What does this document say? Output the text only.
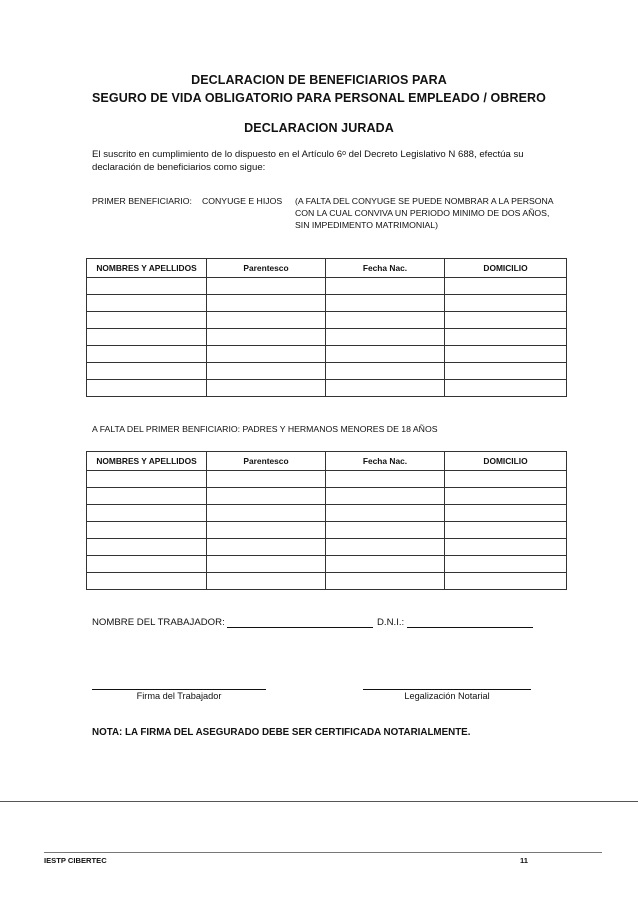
DECLARACION DE BENEFICIARIOS PARA
SEGURO DE VIDA OBLIGATORIO PARA PERSONAL EMPLEADO / OBRERO
DECLARACION JURADA
El suscrito en cumplimiento de lo dispuesto en el Artículo 6$^o$ del Decreto Legislativo N 688, efectúa su declaración de beneficiarios como sigue:
PRIMER BENEFICIARIO: CONYUGE E HIJOS (A FALTA DEL CONYUGE SE PUEDE NOMBRAR A LA PERSONA
CON LA CUAL CONVIVA UN PERIODO MINIMO DE DOS AÑOS,
SIN IMPEDIMENTO MATRIMONIAL)
NOMBRES Y APELLIDOS	Parentesco	Fecha Nac.	DOMICILIO

A FALTA DEL PRIMER BENFICIARIO: PADRES Y HERMANOS MENORES DE 18 AÑOS
NOMBRES Y APELLIDOS	Parentesco	Fecha Nac.	DOMICILIO

NOMBRE DEL TRABAJADOR:	D.N.I.:
Firma del Trabajador	Legalización Notarial
NOTA: LA FIRMA DEL ASEGURADO DEBE SER CERTIFICADA NOTARIALMENTE.
IESTP CIBERTEC	11
